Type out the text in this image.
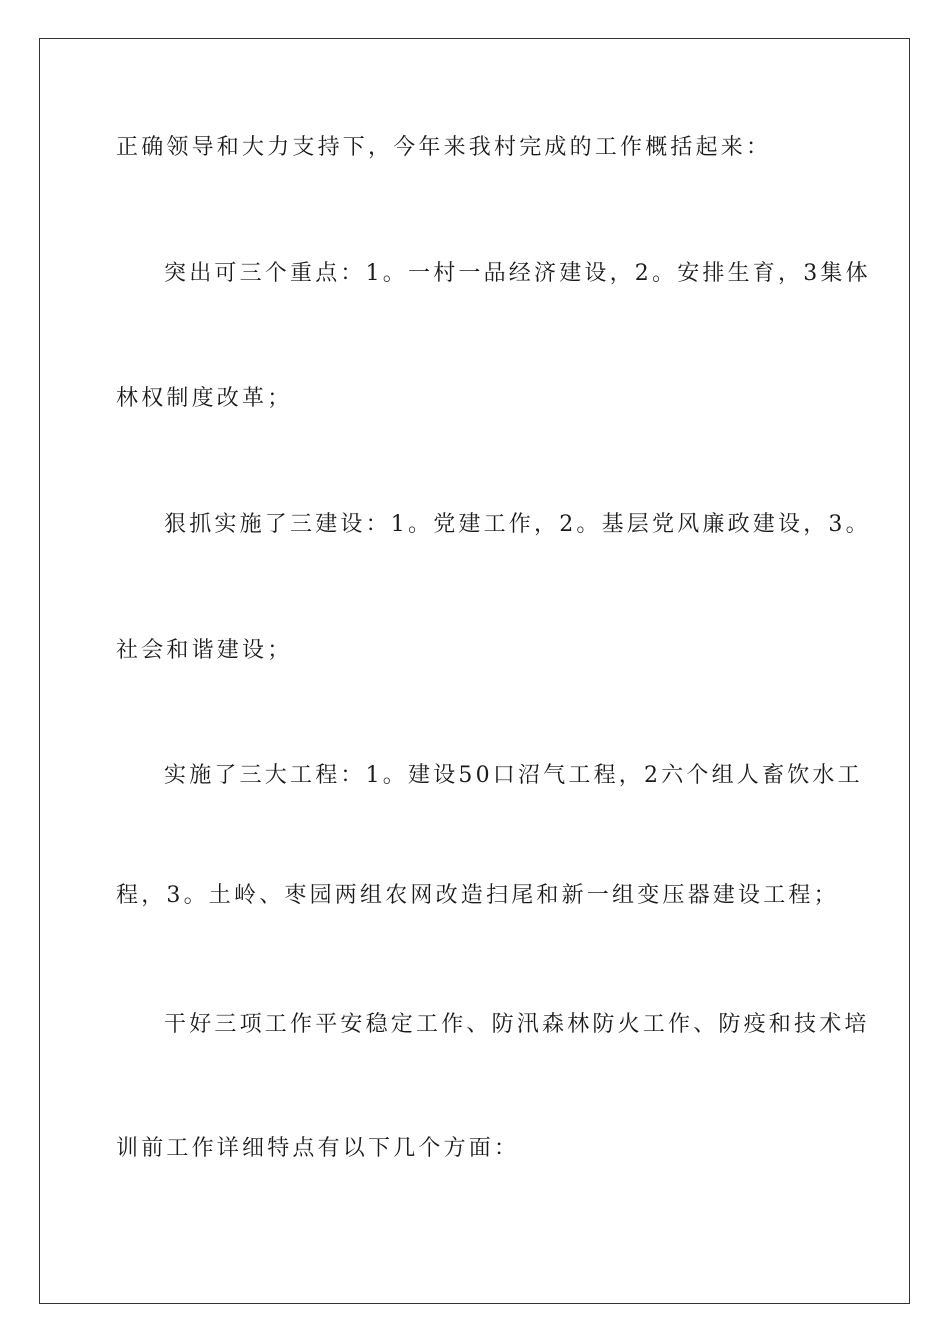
正确领导和大力支持下，今年来我村完成的工作概括起来：
突出可三个重点：1。一村一品经济建设，2。安排生育，3集体
林权制度改革；
狠抓实施了三建设：1。党建工作，2。基层党风廉政建设，3。
社会和谐建设；
实施了三大工程：1。建设50口沼气工程，2六个组人畜饮水工
程，3。土岭、枣园两组农网改造扫尾和新一组变压器建设工程；
干好三项工作平安稳定工作、防汛森林防火工作、防疫和技术培
训前工作详细特点有以下几个方面：
